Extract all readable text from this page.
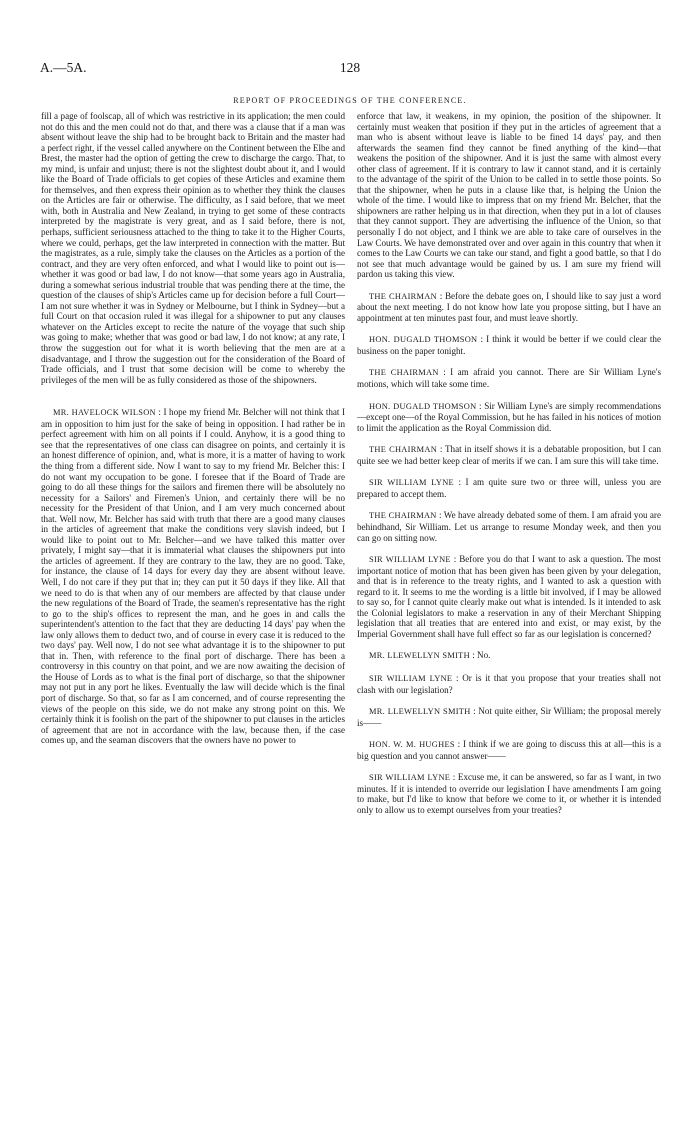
A.—5A.	128
REPORT OF PROCEEDINGS OF THE CONFERENCE.

fill a page of foolscap, all of which was restrictive in its application; the men could not do this and the men could not do that, and there was a clause that if a man was absent without leave the ship had to be brought back to Britain and the master had a perfect right, if the vessel called anywhere on the Continent between the Elbe and Brest, the master had the option of getting the crew to discharge the cargo. That, to my mind, is unfair and unjust; there is not the slightest doubt about it, and I would like the Board of Trade officials to get copies of these Articles and examine them for themselves, and then express their opinion as to whether they think the clauses on the Articles are fair or otherwise. The difficulty, as I said before, that we meet with, both in Australia and New Zealand, in trying to get some of these contracts interpreted by the magistrate is very great, and as I said before, there is not, perhaps, sufficient seriousness attached to the thing to take it to the Higher Courts, where we could, perhaps, get the law interpreted in connection with the matter. But the magistrates, as a rule, simply take the clauses on the Articles as a portion of the contract, and they are very often enforced, and what I would like to point out is—whether it was good or bad law, I do not know—that some years ago in Australia, during a somewhat serious industrial trouble that was pending there at the time, the question of the clauses of ship's Articles came up for decision before a full Court—I am not sure whether it was in Sydney or Melbourne, but I think in Sydney—but a full Court on that occasion ruled it was illegal for a shipowner to put any clauses whatever on the Articles except to recite the nature of the voyage that such ship was going to make; whether that was good or bad law, I do not know; at any rate, I throw the suggestion out for what it is worth believing that the men are at a disadvantage, and I throw the suggestion out for the consideration of the Board of Trade officials, and I trust that some decision will be come to whereby the privileges of the men will be as fully considered as those of the shipowners.

MR. HAVELOCK WILSON : I hope my friend Mr. Belcher will not think that I am in opposition to him just for the sake of being in opposition. I had rather be in perfect agreement with him on all points if I could. Anyhow, it is a good thing to see that the representatives of one class can disagree on points, and certainly it is an honest difference of opinion, and, what is more, it is a matter of having to work the thing from a different side. Now I want to say to my friend Mr. Belcher this: I do not want my occupation to be gone. I foresee that if the Board of Trade are going to do all these things for the sailors and firemen there will be absolutely no necessity for a Sailors' and Firemen's Union, and certainly there will be no necessity for the President of that Union, and I am very much concerned about that. Well now, Mr. Belcher has said with truth that there are a good many clauses in the articles of agreement that make the conditions very slavish indeed, but I would like to point out to Mr. Belcher—and we have talked this matter over privately, I might say—that it is immaterial what clauses the shipowners put into the articles of agreement. If they are contrary to the law, they are no good. Take, for instance, the clause of 14 days for every day they are absent without leave. Well, I do not care if they put that in; they can put it 50 days if they like. All that we need to do is that when any of our members are affected by that clause under the new regulations of the Board of Trade, the seamen's representative has the right to go to the ship's offices to represent the man, and he goes in and calls the superintendent's attention to the fact that they are deducting 14 days' pay when the law only allows them to deduct two, and of course in every case it is reduced to the two days' pay. Well now, I do not see what advantage it is to the shipowner to put that in. Then, with reference to the final port of discharge. There has been a controversy in this country on that point, and we are now awaiting the decision of the House of Lords as to what is the final port of discharge, so that the shipowner may not put in any port he likes. Eventually the law will decide which is the final port of discharge. So that, so far as I am concerned, and of course representing the views of the people on this side, we do not make any strong point on this. We certainly think it is foolish on the part of the shipowner to put clauses in the articles of agreement that are not in accordance with the law, because then, if the case comes up, and the seaman discovers that the owners have no power to

enforce that law, it weakens, in my opinion, the position of the shipowner. It certainly must weaken that position if they put in the articles of agreement that a man who is absent without leave is liable to be fined 14 days' pay, and then afterwards the seamen find they cannot be fined anything of the kind—that weakens the position of the shipowner. And it is just the same with almost every other class of agreement. If it is contrary to law it cannot stand, and it is certainly to the advantage of the spirit of the Union to be called in to settle those points. So that the shipowner, when he puts in a clause like that, is helping the Union the whole of the time. I would like to impress that on my friend Mr. Belcher, that the shipowners are rather helping us in that direction, when they put in a lot of clauses that they cannot support. They are advertising the influence of the Union, so that personally I do not object, and I think we are able to take care of ourselves in the Law Courts. We have demonstrated over and over again in this country that when it comes to the Law Courts we can take our stand, and fight a good battle, so that I do not see that much advantage would be gained by us. I am sure my friend will pardon us taking this view.

THE CHAIRMAN : Before the debate goes on, I should like to say just a word about the next meeting. I do not know how late you propose sitting, but I have an appointment at ten minutes past four, and must leave shortly.

HON. DUGALD THOMSON : I think it would be better if we could clear the business on the paper tonight.

THE CHAIRMAN : I am afraid you cannot. There are Sir William Lyne's motions, which will take some time.

HON. DUGALD THOMSON : Sir William Lyne's are simply recommendations—except one—of the Royal Commission, but he has failed in his notices of motion to limit the application as the Royal Commission did.

THE CHAIRMAN : That in itself shows it is a debatable proposition, but I can quite see we had better keep clear of merits if we can. I am sure this will take time.

SIR WILLIAM LYNE : I am quite sure two or three will, unless you are prepared to accept them.

THE CHAIRMAN : We have already debated some of them. I am afraid you are behindhand, Sir William. Let us arrange to resume Monday week, and then you can go on sitting now.

SIR WILLIAM LYNE : Before you do that I want to ask a question. The most important notice of motion that has been given has been given by your delegation, and that is in reference to the treaty rights, and I wanted to ask a question with regard to it. It seems to me the wording is a little bit involved, if I may be allowed to say so, for I cannot quite clearly make out what is intended. Is it intended to ask the Colonial legislators to make a reservation in any of their Merchant Shipping legislation that all treaties that are entered into and exist, or may exist, by the Imperial Government shall have full effect so far as our legislation is concerned?

MR. LLEWELLYN SMITH : No.

SIR WILLIAM LYNE : Or is it that you propose that your treaties shall not clash with our legislation?

MR. LLEWELLYN SMITH : Not quite either, Sir William; the proposal merely is——

HON. W. M. HUGHES : I think if we are going to discuss this at all—this is a big question and you cannot answer——

SIR WILLIAM LYNE : Excuse me, it can be answered, so far as I want, in two minutes. If it is intended to override our legislation I have amendments I am going to make, but I'd like to know that before we come to it, or whether it is intended only to allow us to exempt ourselves from your treaties?
